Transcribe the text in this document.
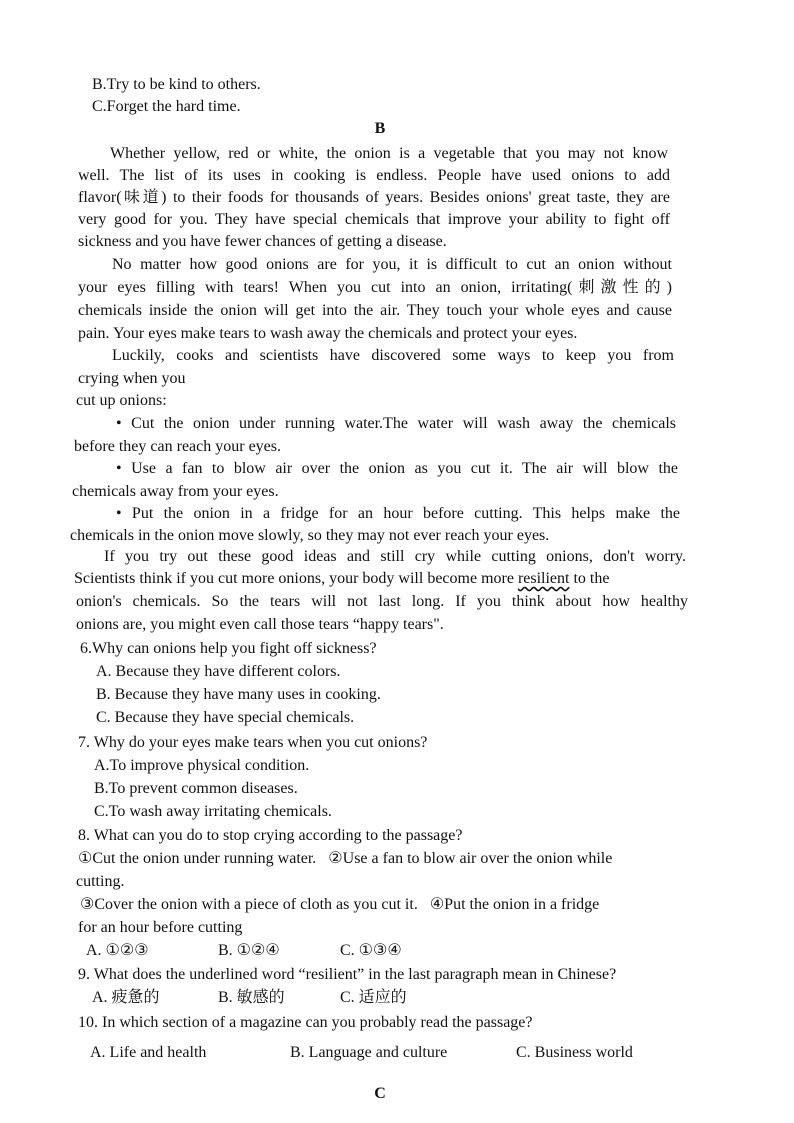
B.Try to be kind to others.
C.Forget the hard time.
B
Whether yellow, red or white, the onion is a vegetable that you may not know
well. The list of its uses in cooking is endless. People have used onions to add
flavor(味道) to their foods for thousands of years. Besides onions' great taste, they are
very good for you. They have special chemicals that improve your ability to fight off
sickness and you have fewer chances of getting a disease.
No matter how good onions are for you, it is difficult to cut an onion without
your eyes filling with tears! When you cut into an onion, irritating(刺激性的)
chemicals inside the onion will get into the air. They touch your whole eyes and cause
pain. Your eyes make tears to wash away the chemicals and protect your eyes.
Luckily, cooks and scientists have discovered some ways to keep you from
crying when you
cut up onions:
• Cut the onion under running water.The water will wash away the chemicals
before they can reach your eyes.
• Use a fan to blow air over the onion as you cut it. The air will blow the
chemicals away from your eyes.
• Put the onion in a fridge for an hour before cutting. This helps make the
chemicals in the onion move slowly, so they may not ever reach your eyes.
If you try out these good ideas and still cry while cutting onions, don't worry.
Scientists think if you cut more onions, your body will become more resilient to the
onion's chemicals. So the tears will not last long. If you think about how healthy
onions are, you might even call those tears “happy tears".
6.Why can onions help you fight off sickness?
A. Because they have different colors.
B. Because they have many uses in cooking.
C. Because they have special chemicals.
7. Why do your eyes make tears when you cut onions?
A.To improve physical condition.
B.To prevent common diseases.
C.To wash away irritating chemicals.
8. What can you do to stop crying according to the passage?
①Cut the onion under running water.   ②Use a fan to blow air over the onion while
cutting.
③Cover the onion with a piece of cloth as you cut it.   ④Put the onion in a fridge
for an hour before cutting
A. ①②③	B. ①②④	C. ①③④
9. What does the underlined word “resilient” in the last paragraph mean in Chinese?
A. 疲惫的	B. 敏感的	C. 适应的
10. In which section of a magazine can you probably read the passage?
A. Life and health	B. Language and culture	C. Business world
C
